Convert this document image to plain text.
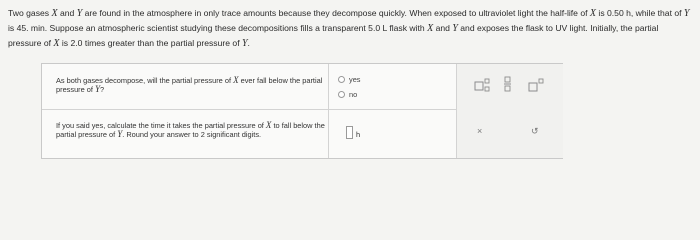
Two gases X and Y are found in the atmosphere in only trace amounts because they decompose quickly. When exposed to ultraviolet light the half-life of X is 0.50 h, while that of Y is 45. min. Suppose an atmospheric scientist studying these decompositions fills a transparent 5.0 L flask with X and Y and exposes the flask to UV light. Initially, the partial pressure of X is 2.0 times greater than the partial pressure of Y.
As both gases decompose, will the partial pressure of X ever fall below the partial pressure of Y?
yes
no
If you said yes, calculate the time it takes the partial pressure of X to fall below the partial pressure of Y. Round your answer to 2 significant digits.	h	×	↺
